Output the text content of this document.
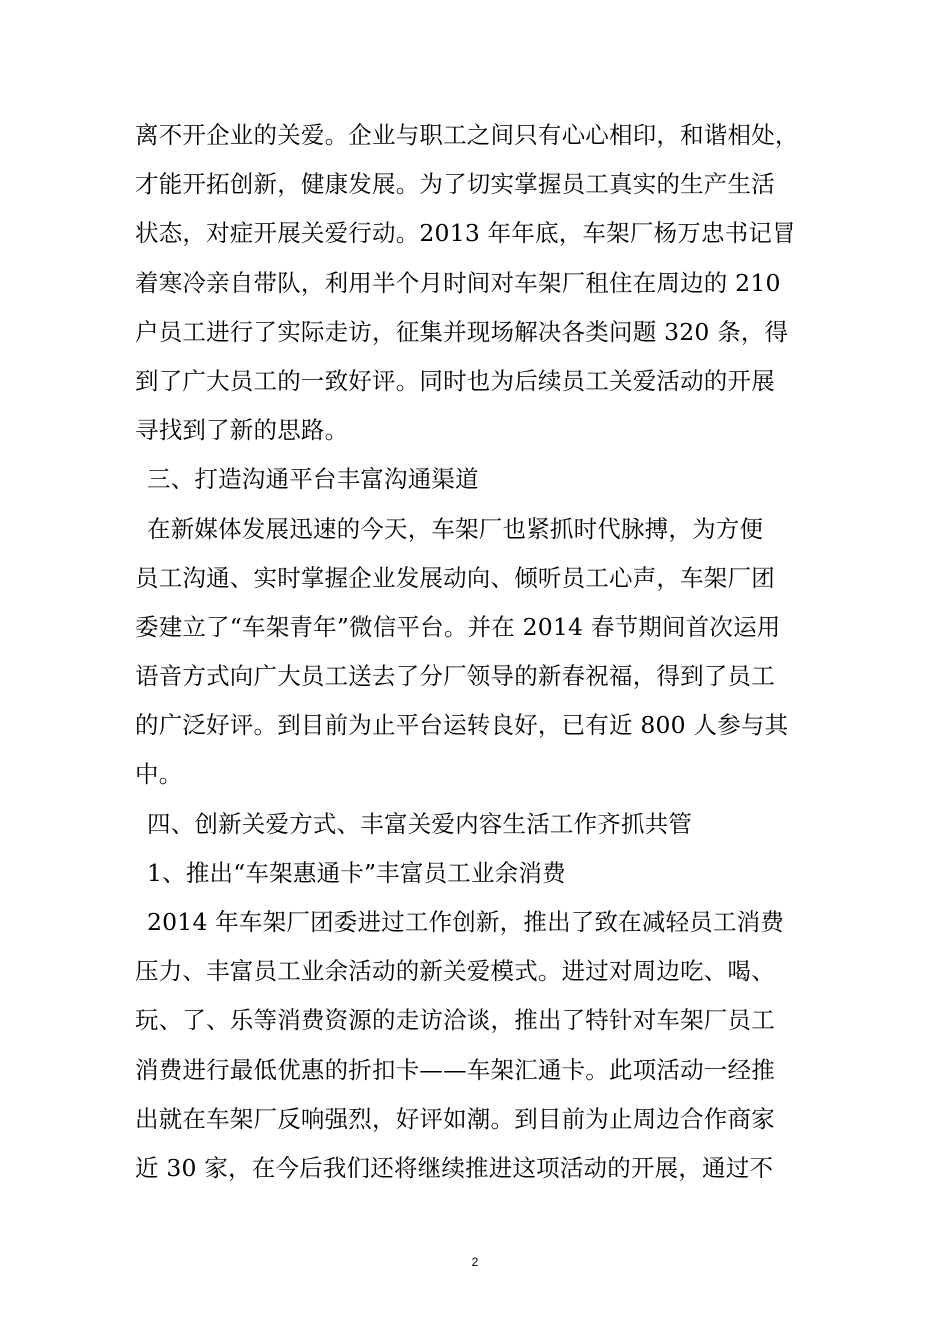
离不开企业的关爱。企业与职工之间只有心心相印，和谐相处，
才能开拓创新，健康发展。为了切实掌握员工真实的生产生活
状态，对症开展关爱行动。2013 年年底，车架厂杨万忠书记冒
着寒冷亲自带队，利用半个月时间对车架厂租住在周边的 210
户员工进行了实际走访，征集并现场解决各类问题 320 条，得
到了广大员工的一致好评。同时也为后续员工关爱活动的开展
寻找到了新的思路。
三、打造沟通平台丰富沟通渠道
在新媒体发展迅速的今天，车架厂也紧抓时代脉搏，为方便
员工沟通、实时掌握企业发展动向、倾听员工心声，车架厂团
委建立了“车架青年”微信平台。并在 2014 春节期间首次运用
语音方式向广大员工送去了分厂领导的新春祝福，得到了员工
的广泛好评。到目前为止平台运转良好，已有近 800 人参与其
中。
四、创新关爱方式、丰富关爱内容生活工作齐抓共管
1、推出“车架惠通卡”丰富员工业余消费
2014 年车架厂团委进过工作创新，推出了致在减轻员工消费
压力、丰富员工业余活动的新关爱模式。进过对周边吃、喝、
玩、了、乐等消费资源的走访洽谈，推出了特针对车架厂员工
消费进行最低优惠的折扣卡——车架汇通卡。此项活动一经推
出就在车架厂反响强烈，好评如潮。到目前为止周边合作商家
近 30 家，在今后我们还将继续推进这项活动的开展，通过不
2
